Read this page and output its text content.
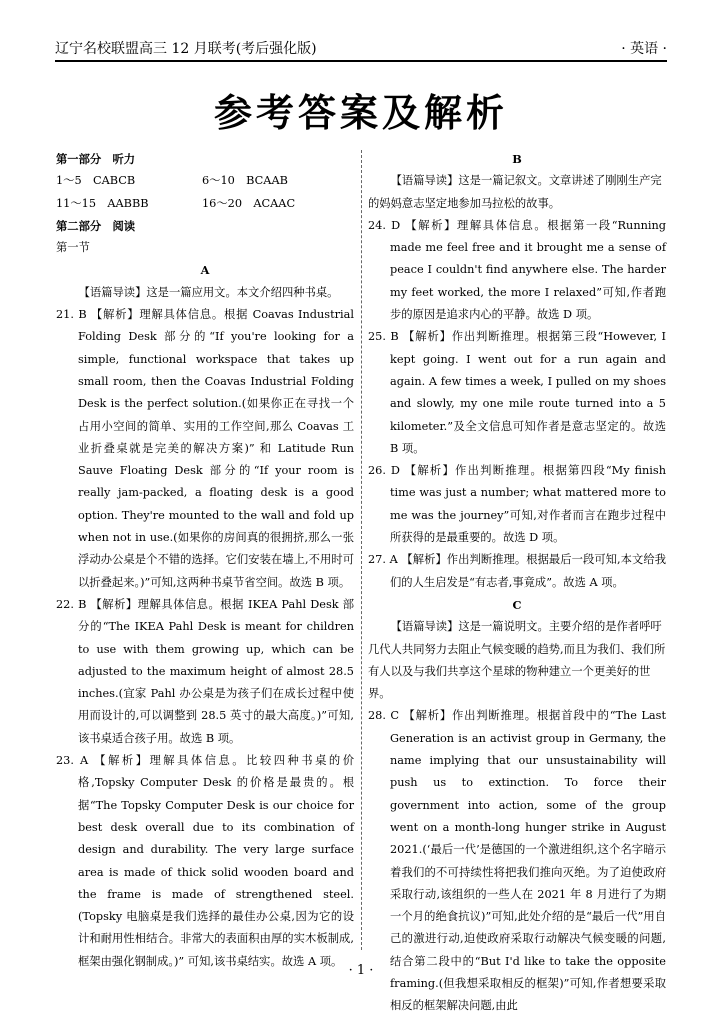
辽宁名校联盟高三 12 月联考(考后强化版)	· 英语 ·
参考答案及解析

第一部分　听力

1～5　CABCB	6～10　BCAAB
11～15　AABBB	16～20　ACAAC

第二部分　阅读

第一节

A

【语篇导读】这是一篇应用文。本文介绍四种书桌。

21. B 【解析】理解具体信息。根据 Coavas Industrial Folding Desk 部分的“If you're looking for a simple, functional workspace that takes up small room, then the Coavas Industrial Folding Desk is the perfect solution.(如果你正在寻找一个占用小空间的简单、实用的工作空间,那么 Coavas 工业折叠桌就是完美的解决方案)” 和 Latitude Run Sauve Floating Desk 部分的“If your room is really jam-packed, a floating desk is a good option. They're mounted to the wall and fold up when not in use.(如果你的房间真的很拥挤,那么一张浮动办公桌是个不错的选择。它们安装在墙上,不用时可以折叠起来。)”可知,这两种书桌节省空间。故选 B 项。

22. B 【解析】理解具体信息。根据 IKEA Pahl Desk 部分的“The IKEA Pahl Desk is meant for children to use with them growing up, which can be adjusted to the maximum height of almost 28.5 inches.(宜家 Pahl 办公桌是为孩子们在成长过程中使用而设计的,可以调整到 28.5 英寸的最大高度。)”可知,该书桌适合孩子用。故选 B 项。

23. A 【解析】理解具体信息。比较四种书桌的价格,Topsky Computer Desk 的价格是最贵的。根据“The Topsky Computer Desk is our choice for best desk overall due to its combination of design and durability. The very large surface area is made of thick solid wooden board and the frame is made of strengthened steel.(Topsky 电脑桌是我们选择的最佳办公桌,因为它的设计和耐用性相结合。非常大的表面积由厚的实木板制成,框架由强化钢制成。)” 可知,该书桌结实。故选 A 项。

B

【语篇导读】这是一篇记叙文。文章讲述了刚刚生产完的妈妈意志坚定地参加马拉松的故事。

24. D 【解析】理解具体信息。根据第一段“Running made me feel free and it brought me a sense of peace I couldn't find anywhere else. The harder my feet worked, the more I relaxed”可知,作者跑步的原因是追求内心的平静。故选 D 项。

25. B 【解析】作出判断推理。根据第三段“However, I kept going. I went out for a run again and again. A few times a week, I pulled on my shoes and slowly, my one mile route turned into a 5 kilometer.”及全文信息可知作者是意志坚定的。故选 B 项。

26. D 【解析】作出判断推理。根据第四段“My finish time was just a number; what mattered more to me was the journey”可知,对作者而言在跑步过程中所获得的是最重要的。故选 D 项。

27. A 【解析】作出判断推理。根据最后一段可知,本文给我们的人生启发是“有志者,事竟成”。故选 A 项。

C

【语篇导读】这是一篇说明文。主要介绍的是作者呼吁几代人共同努力去阻止气候变暖的趋势,而且为我们、我们所有人以及与我们共享这个星球的物种建立一个更美好的世界。

28. C 【解析】作出判断推理。根据首段中的“The Last Generation is an activist group in Germany, the name implying that our unsustainability will push us to extinction. To force their government into action, some of the group went on a month-long hunger strike in August 2021.(‘最后一代’是德国的一个激进组织,这个名字暗示着我们的不可持续性将把我们推向灭绝。为了迫使政府采取行动,该组织的一些人在 2021 年 8 月进行了为期一个月的绝食抗议)”可知,此处介绍的是“最后一代”用自己的激进行动,迫使政府采取行动解决气候变暖的问题,结合第二段中的“But I'd like to take the opposite framing.(但我想采取相反的框架)”可知,作者想要采取相反的框架解决问题,由此

· 1 ·
